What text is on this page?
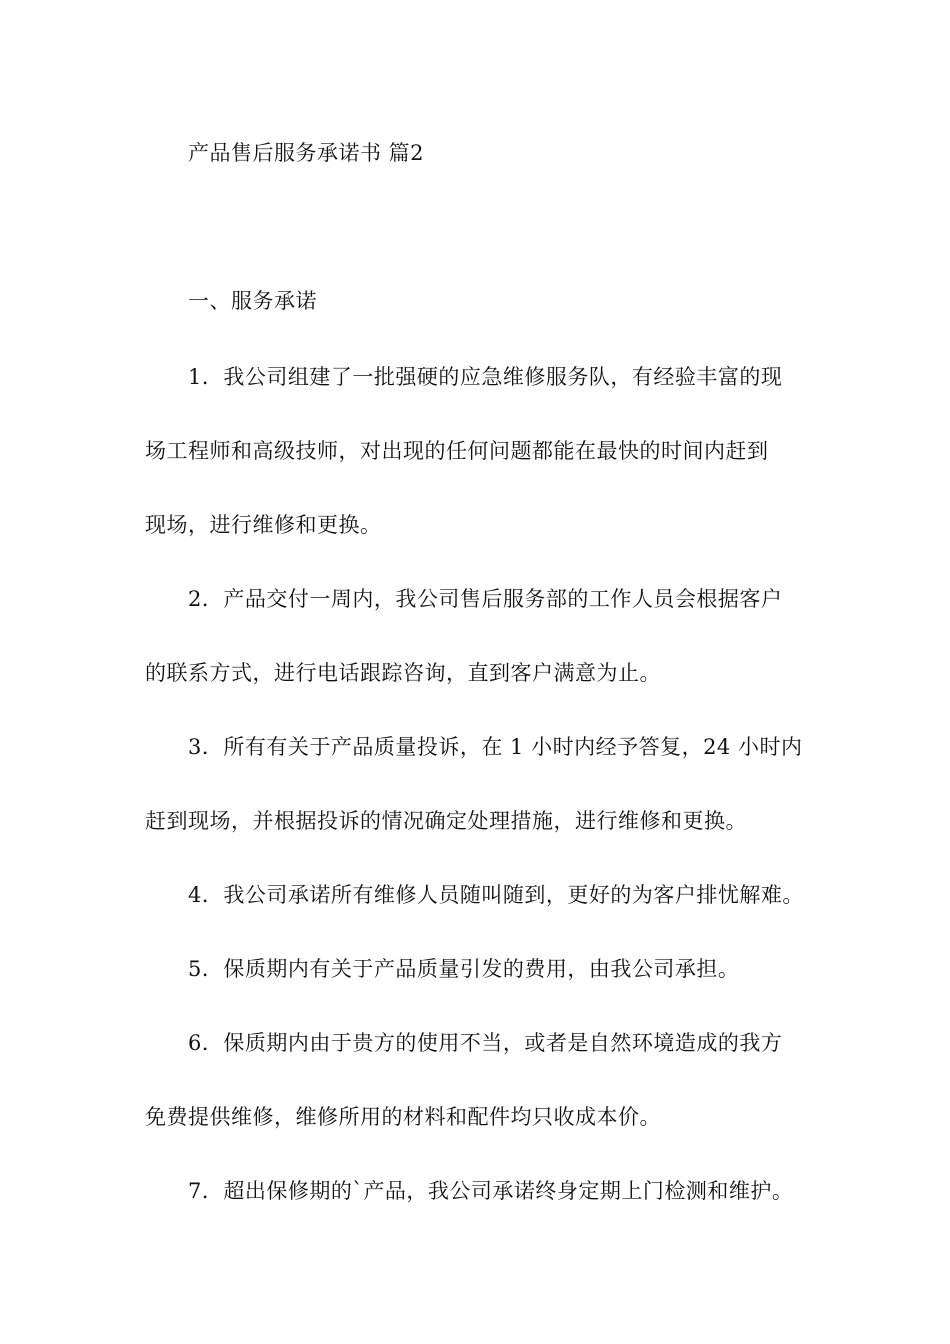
产品售后服务承诺书 篇2
一、服务承诺
1．我公司组建了一批强硬的应急维修服务队，有经验丰富的现
场工程师和高级技师，对出现的任何问题都能在最快的时间内赶到
现场，进行维修和更换。
2．产品交付一周内，我公司售后服务部的工作人员会根据客户
的联系方式，进行电话跟踪咨询，直到客户满意为止。
3．所有有关于产品质量投诉，在 1 小时内经予答复，24 小时内
赶到现场，并根据投诉的情况确定处理措施，进行维修和更换。
4．我公司承诺所有维修人员随叫随到，更好的为客户排忧解难。
5．保质期内有关于产品质量引发的费用，由我公司承担。
6．保质期内由于贵方的使用不当，或者是自然环境造成的我方
免费提供维修，维修所用的材料和配件均只收成本价。
7．超出保修期的`产品，我公司承诺终身定期上门检测和维护。
